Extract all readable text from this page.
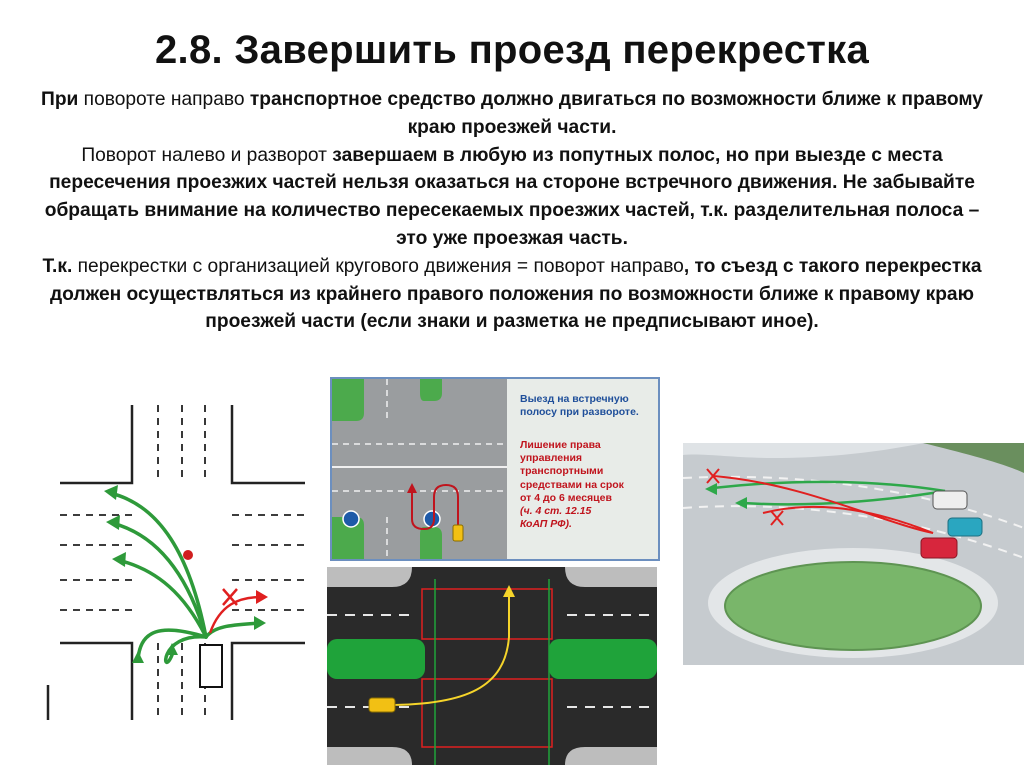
2.8. Завершить проезд перекрестка
При повороте направо транспортное средство должно двигаться по возможности ближе к правому краю проезжей части.
Поворот налево и разворот завершаем в любую из попутных полос, но при выезде с места пересечения проезжих частей нельзя оказаться на стороне встречного движения. Не забывайте обращать внимание на количество пересекаемых проезжих частей, т.к. разделительная полоса – это уже проезжая часть.
Т.к. перекрестки с организацией кругового движения = поворот направо, то съезд с такого перекрестка должен осуществляться из крайнего правого положения по возможности ближе к правому краю проезжей части (если знаки и разметка не предписывают иное).
Выезд на встречную полосу при развороте.
Лишение права
управления
транспортными
средствами на срок
от 4 до 6 месяцев
(ч. 4 ст. 12.15
КоАП РФ).
